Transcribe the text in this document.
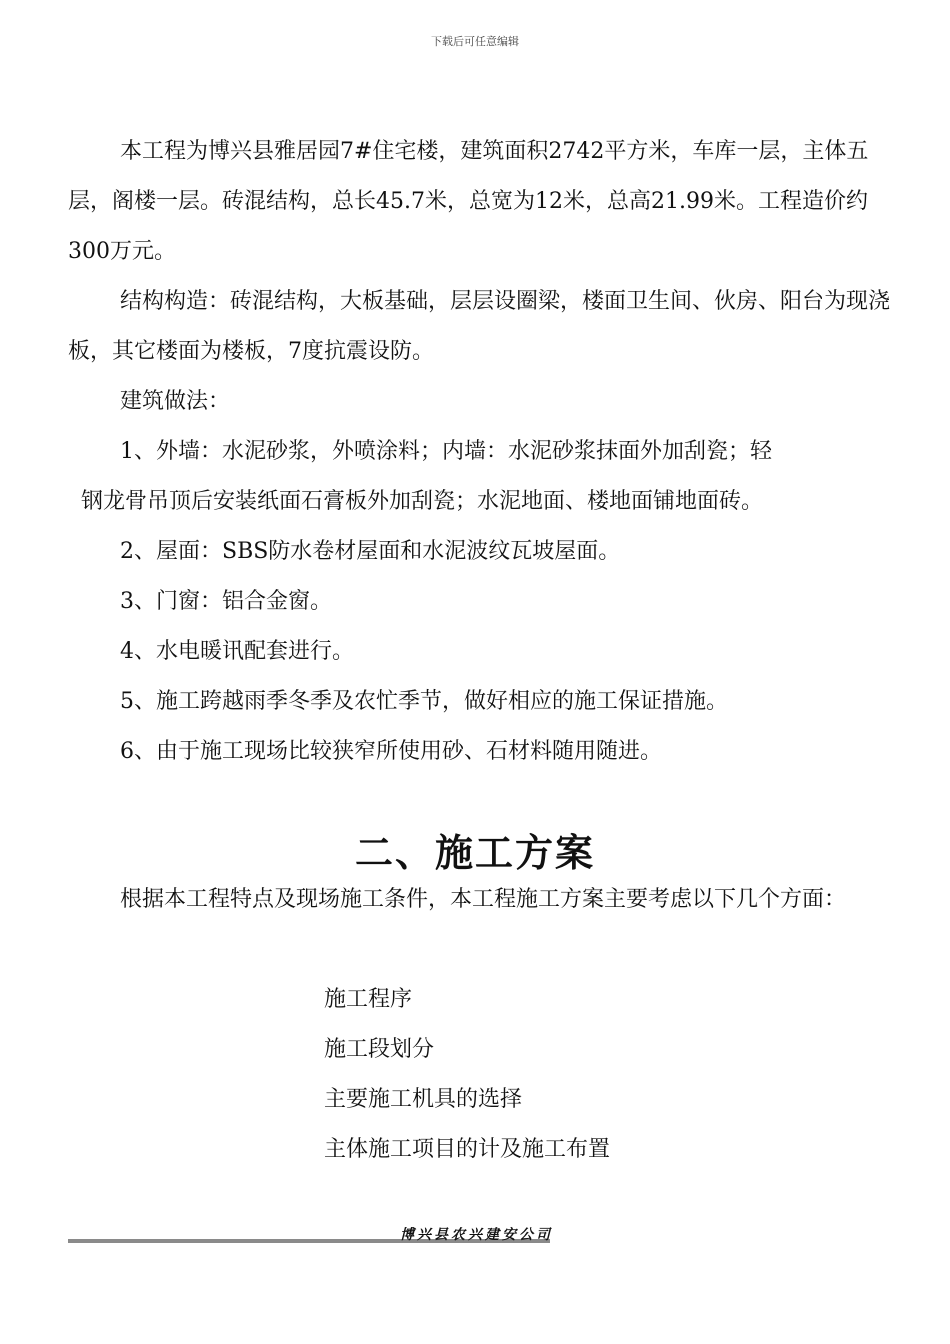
下载后可任意编辑

本工程为博兴县雅居园7#住宅楼，建筑面积2742平方米，车库一层，主体五层，阁楼一层。砖混结构，总长45.7米，总宽为12米，总高21.99米。工程造价约300万元。

结构构造：砖混结构，大板基础，层层设圈梁，楼面卫生间、伙房、阳台为现浇板，其它楼面为楼板，7度抗震设防。

建筑做法：

1、外墙：水泥砂浆，外喷涂料；内墙：水泥砂浆抹面外加刮瓷；轻

钢龙骨吊顶后安装纸面石膏板外加刮瓷；水泥地面、楼地面铺地面砖。

2、屋面：SBS防水卷材屋面和水泥波纹瓦坡屋面。

3、门窗：铝合金窗。

4、水电暖讯配套进行。

5、施工跨越雨季冬季及农忙季节，做好相应的施工保证措施。

6、由于施工现场比较狭窄所使用砂、石材料随用随进。

二、施工方案

根据本工程特点及现场施工条件，本工程施工方案主要考虑以下几个方面：

施工程序
施工段划分
主要施工机具的选择
主体施工项目的计及施工布置
博兴县农兴建安公司
